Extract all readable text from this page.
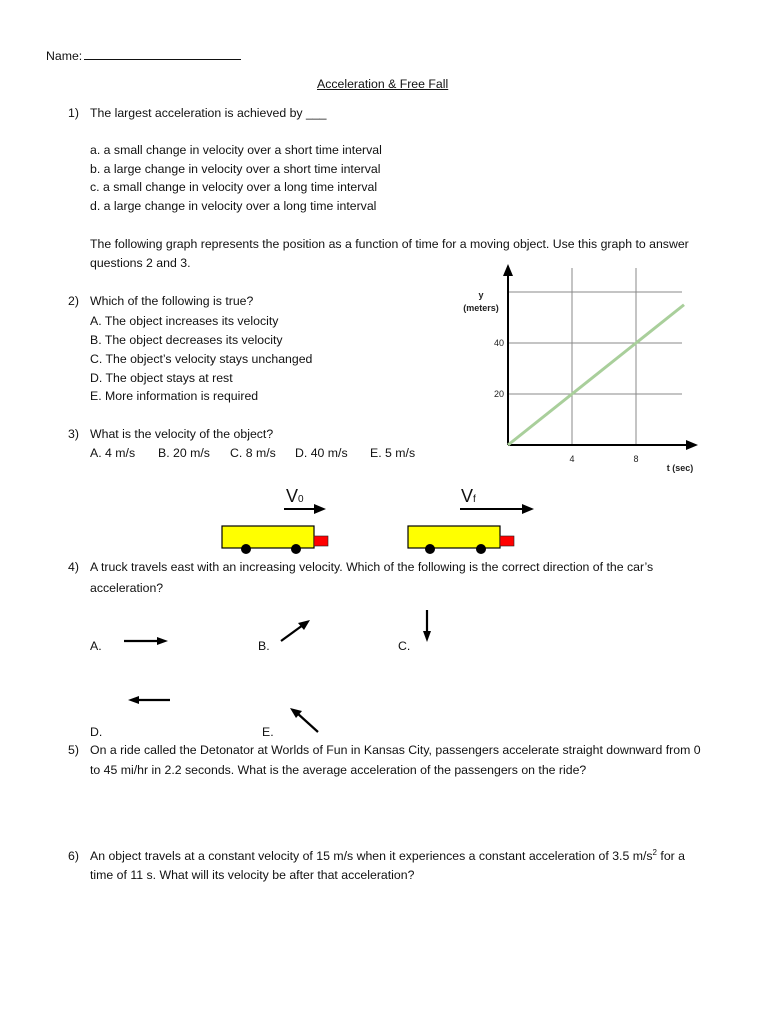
Name:
Acceleration & Free Fall
1) The largest acceleration is achieved by ___
a. a small change in velocity over a short time interval
b. a large change in velocity over a short time interval
c. a small change in velocity over a long time interval
d. a large change in velocity over a long time interval
The following graph represents the position as a function of time for a moving object. Use this graph to answer
questions 2 and 3.
2) Which of the following is true?
A. The object increases its velocity
B. The object decreases its velocity
C. The object’s velocity stays unchanged
D. The object stays at rest
E. More information is required
3) What is the velocity of the object?
A. 4 m/s B. 20 m/s C. 8 m/s D. 40 m/s E. 5 m/s
y
(meters)
t (sec)
20
40
4	8
V0	Vf
4) A truck travels east with an increasing velocity. Which of the following is the correct direction of the car’s
acceleration?
A.	B.	C.
D.	E.
5) On a ride called the Detonator at Worlds of Fun in Kansas City, passengers accelerate straight downward from 0
to 45 mi/hr in 2.2 seconds. What is the average acceleration of the passengers on the ride?
6) An object travels at a constant velocity of 15 m/s when it experiences a constant acceleration of 3.5 $m/s^2$ for a
time of 11 s. What will its velocity be after that acceleration?
